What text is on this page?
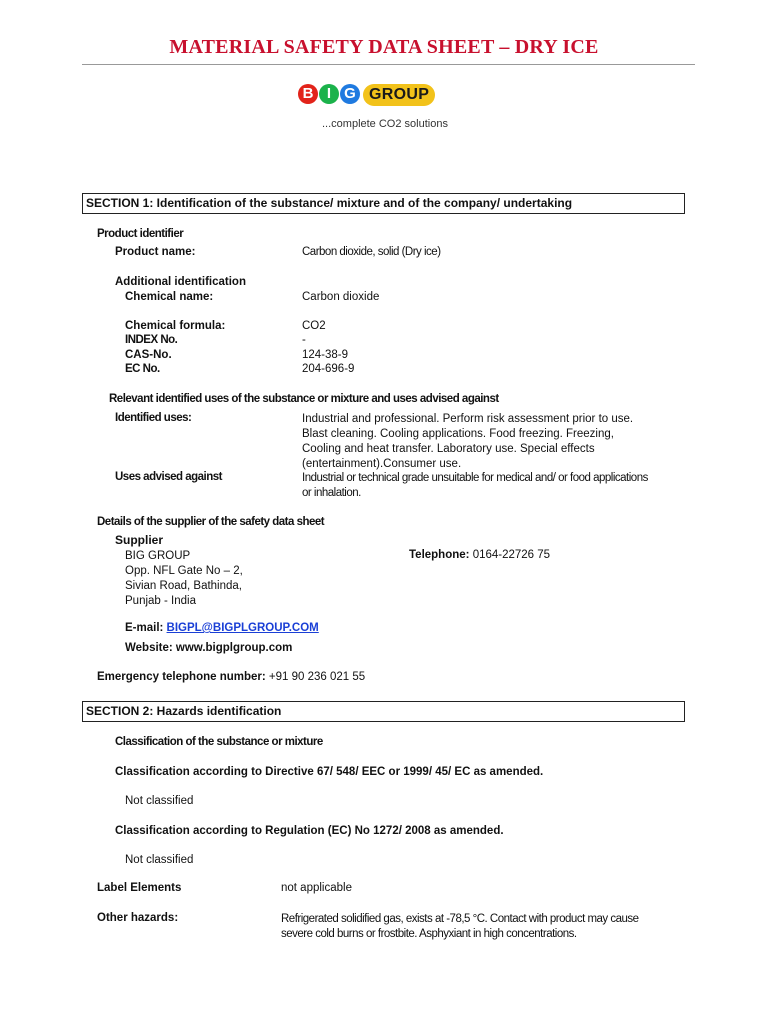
MATERIAL SAFETY DATA SHEET – DRY ICE
B I G GROUP
...complete CO2 solutions
SECTION 1: Identification of the substance/ mixture and of the company/ undertaking
Product identifier
Product name:	Carbon dioxide, solid (Dry ice)
Additional identification
Chemical name:	Carbon dioxide
Chemical formula:	CO2
INDEX No.	-
CAS-No.	124-38-9
EC No.	204-696-9
Relevant identified uses of the substance or mixture and uses advised against
Identified uses:	Industrial and professional. Perform risk assessment prior to use.
Blast cleaning. Cooling applications. Food freezing. Freezing,
Cooling and heat transfer. Laboratory use. Special effects
(entertainment).Consumer use.
Uses advised against	Industrial or technical grade unsuitable for medical and/ or food applications
or inhalation.
Details of the supplier of the safety data sheet
Supplier
BIG GROUP
Opp. NFL Gate No – 2,
Sivian Road, Bathinda,
Punjab - India
Telephone: 0164-22726 75
E-mail: BIGPL@BIGPLGROUP.COM
Website: www.bigplgroup.com
Emergency telephone number: +91 90 236 021 55
SECTION 2: Hazards identification
Classification of the substance or mixture
Classification according to Directive 67/ 548/ EEC or 1999/ 45/ EC as amended.
Not classified
Classification according to Regulation (EC) No 1272/ 2008 as amended.
Not classified
Label Elements	not applicable
Other hazards:	Refrigerated solidified gas, exists at -78,5 °C. Contact with product may cause
severe cold burns or frostbite. Asphyxiant in high concentrations.
